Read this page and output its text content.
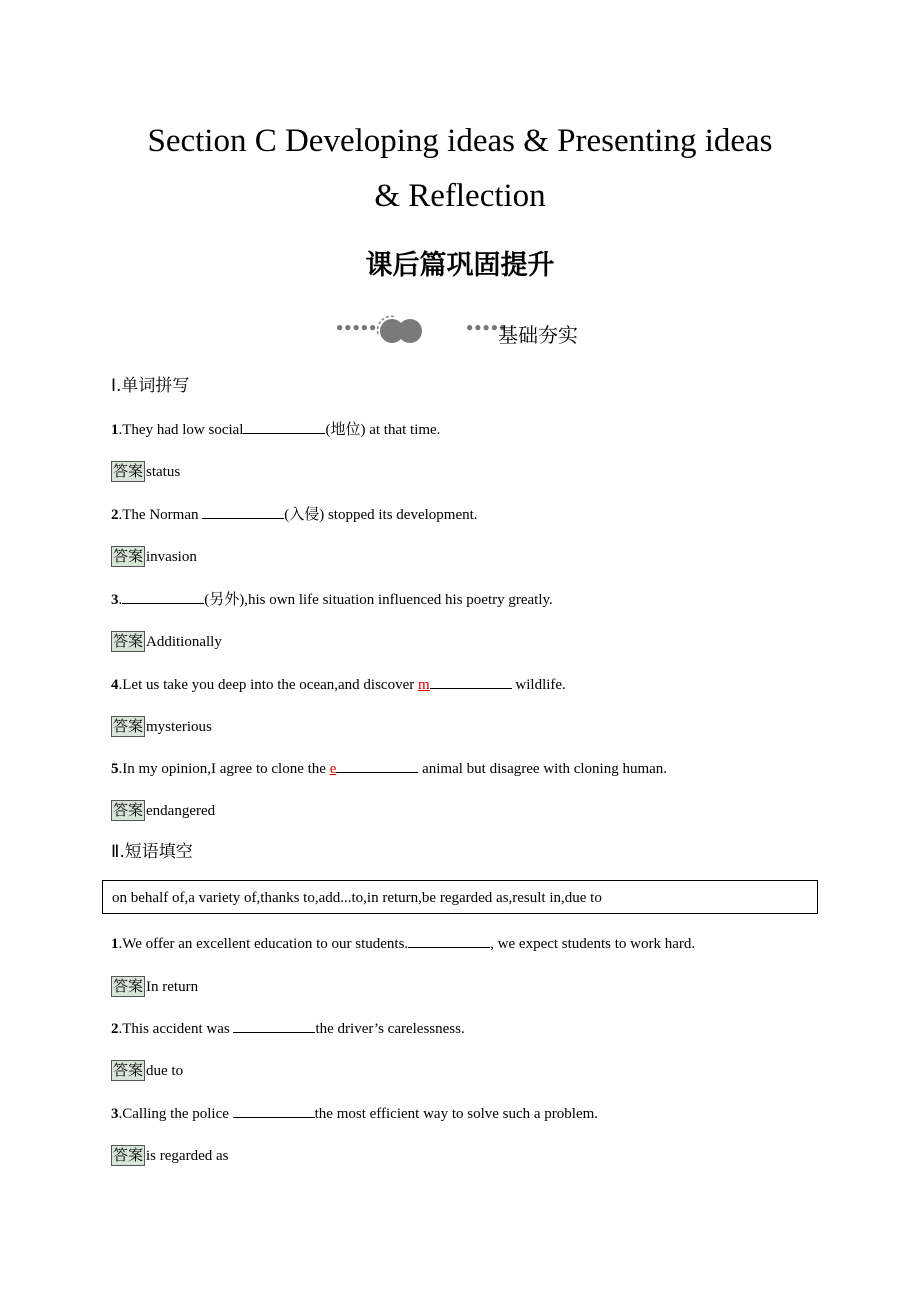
Section C Developing ideas & Presenting ideas
& Reflection
课后篇巩固提升
●●●●●	●●●●●
基础夯实
Ⅰ.单词拼写
Ⅱ.短语填空
on behalf of,a variety of,thanks to,add...to,in return,be regarded as,result in,due to
1.They had low social	(地位) at that time.
答案 status
2.The Norman	(入侵) stopped its development.
答案 invasion
3.	(另外),his own life situation influenced his poetry greatly.
答案 Additionally
4.Let us take you deep into the ocean,and discover m	wildlife.
答案 mysterious
5.In my opinion,I agree to clone the e	animal but disagree with cloning human.
答案 endangered
1.We offer an excellent education to our students.	, we expect students to work hard.
答案 In return
2.This accident was	the driver’s carelessness.
答案 due to
3.Calling the police	the most efficient way to solve such a problem.
答案 is regarded as
